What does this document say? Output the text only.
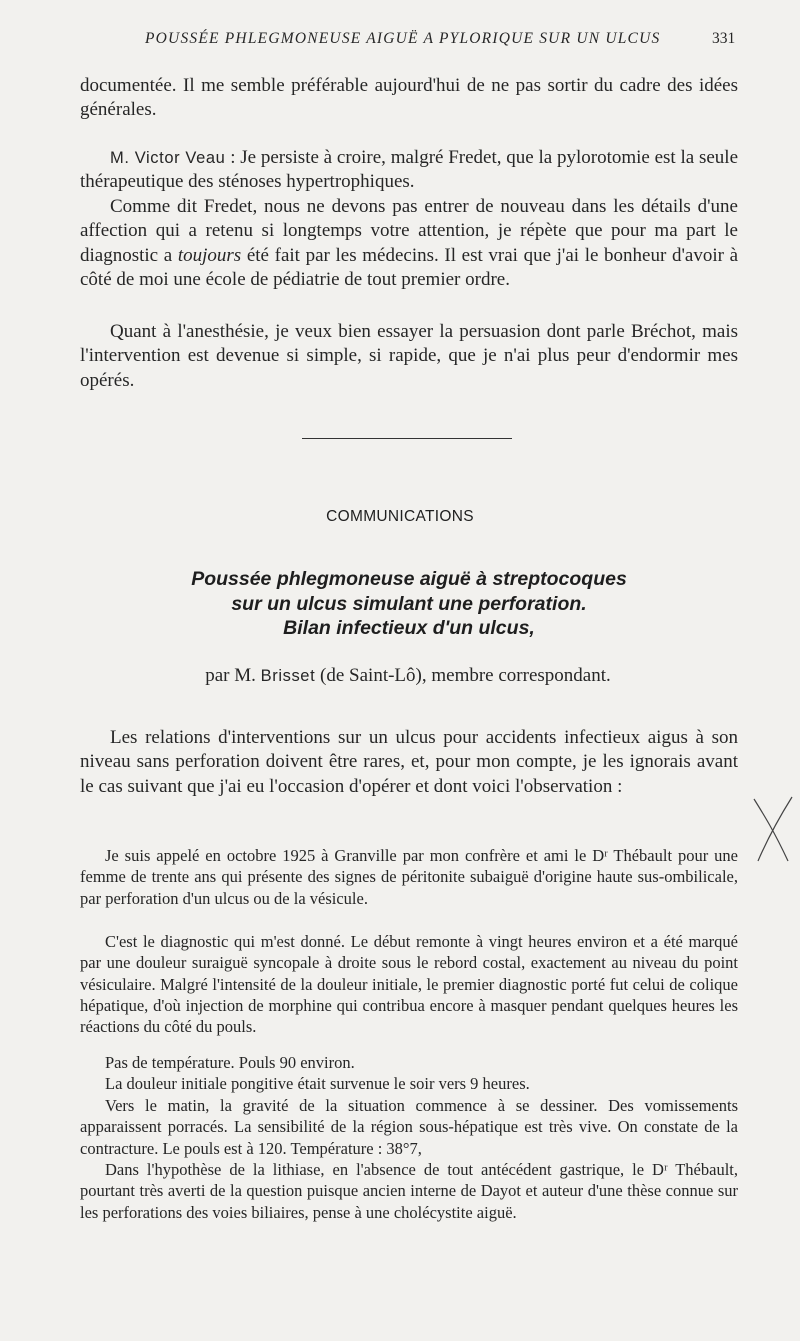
POUSSÉE PHLEGMONEUSE AIGUË A PYLORIQUE SUR UN ULCUS	331

documentée. Il me semble préférable aujourd'hui de ne pas sortir du cadre des idées générales.

M. Victor Veau : Je persiste à croire, malgré Fredet, que la pylorotomie est la seule thérapeutique des sténoses hypertrophiques.

Comme dit Fredet, nous ne devons pas entrer de nouveau dans les détails d'une affection qui a retenu si longtemps votre attention, je répète que pour ma part le diagnostic a toujours été fait par les médecins. Il est vrai que j'ai le bonheur d'avoir à côté de moi une école de pédiatrie de tout premier ordre.

Quant à l'anesthésie, je veux bien essayer la persuasion dont parle Bréchot, mais l'intervention est devenue si simple, si rapide, que je n'ai plus peur d'endormir mes opérés.

COMMUNICATIONS
Poussée phlegmoneuse aiguë à streptocoques
sur un ulcus simulant une perforation.
Bilan infectieux d'un ulcus,
par M. Brisset (de Saint-Lô), membre correspondant.

Les relations d'interventions sur un ulcus pour accidents infectieux aigus à son niveau sans perforation doivent être rares, et, pour mon compte, je les ignorais avant le cas suivant que j'ai eu l'occasion d'opérer et dont voici l'observation :

Je suis appelé en octobre 1925 à Granville par mon confrère et ami le Dʳ Thébault pour une femme de trente ans qui présente des signes de péritonite subaiguë d'origine haute sus-ombilicale, par perforation d'un ulcus ou de la vésicule.

C'est le diagnostic qui m'est donné. Le début remonte à vingt heures environ et a été marqué par une douleur suraiguë syncopale à droite sous le rebord costal, exactement au niveau du point vésiculaire. Malgré l'intensité de la douleur initiale, le premier diagnostic porté fut celui de colique hépatique, d'où injection de morphine qui contribua encore à masquer pendant quelques heures les réactions du côté du pouls.

Pas de température. Pouls 90 environ.

La douleur initiale pongitive était survenue le soir vers 9 heures.

Vers le matin, la gravité de la situation commence à se dessiner. Des vomissements apparaissent porracés. La sensibilité de la région sous-hépatique est très vive. On constate de la contracture. Le pouls est à 120. Température : 38°7,

Dans l'hypothèse de la lithiase, en l'absence de tout antécédent gastrique, le Dʳ Thébault, pourtant très averti de la question puisque ancien interne de Dayot et auteur d'une thèse connue sur les perforations des voies biliaires, pense à une cholécystite aiguë.
